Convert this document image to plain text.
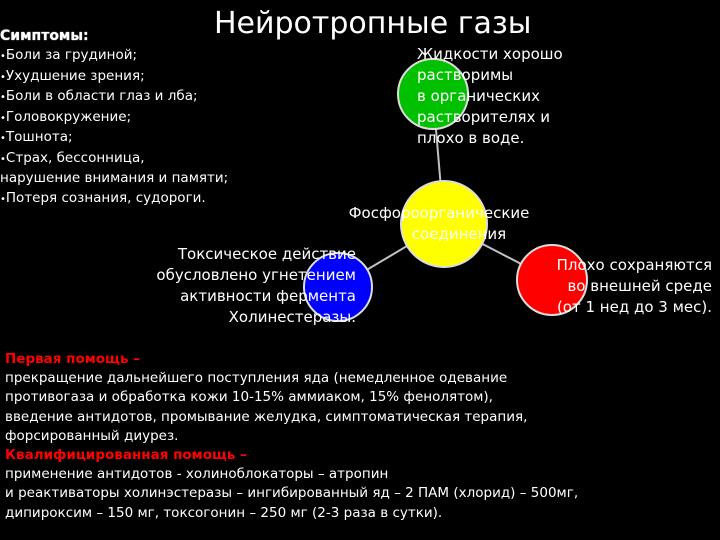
Нейротропные газы
Симптомы:
•Боли за грудиной;
•Ухудшение зрения;
•Боли в области глаз и лба;
•Головокружение;
•Тошнота;
•Страх, бессонница,
нарушение внимания и памяти;
•Потеря сознания, судороги.
Жидкости хорошо
растворимы
в органических
растворителях и
плохо в воде.
Фосфороорганические
соединения
Токсическое действие
обусловлено угнетением
активности фермента
Холинестеразы.
Плохо сохраняются
во внешней среде
(от 1 нед до 3 мес).
Первая помощь –
прекращение дальнейшего поступления яда (немедленное одевание
противогаза и обработка кожи 10-15% аммиаком, 15% фенолятом),
введение антидотов, промывание желудка, симптоматическая терапия,
форсированный диурез.
Квалифицированная помощь –
применение антидотов - холиноблокаторы – атропин
и реактиваторы холинэстеразы – ингибированный яд – 2 ПАМ (хлорид) – 500мг,
дипироксим – 150 мг, токсогонин – 250 мг (2-3 раза в сутки).
